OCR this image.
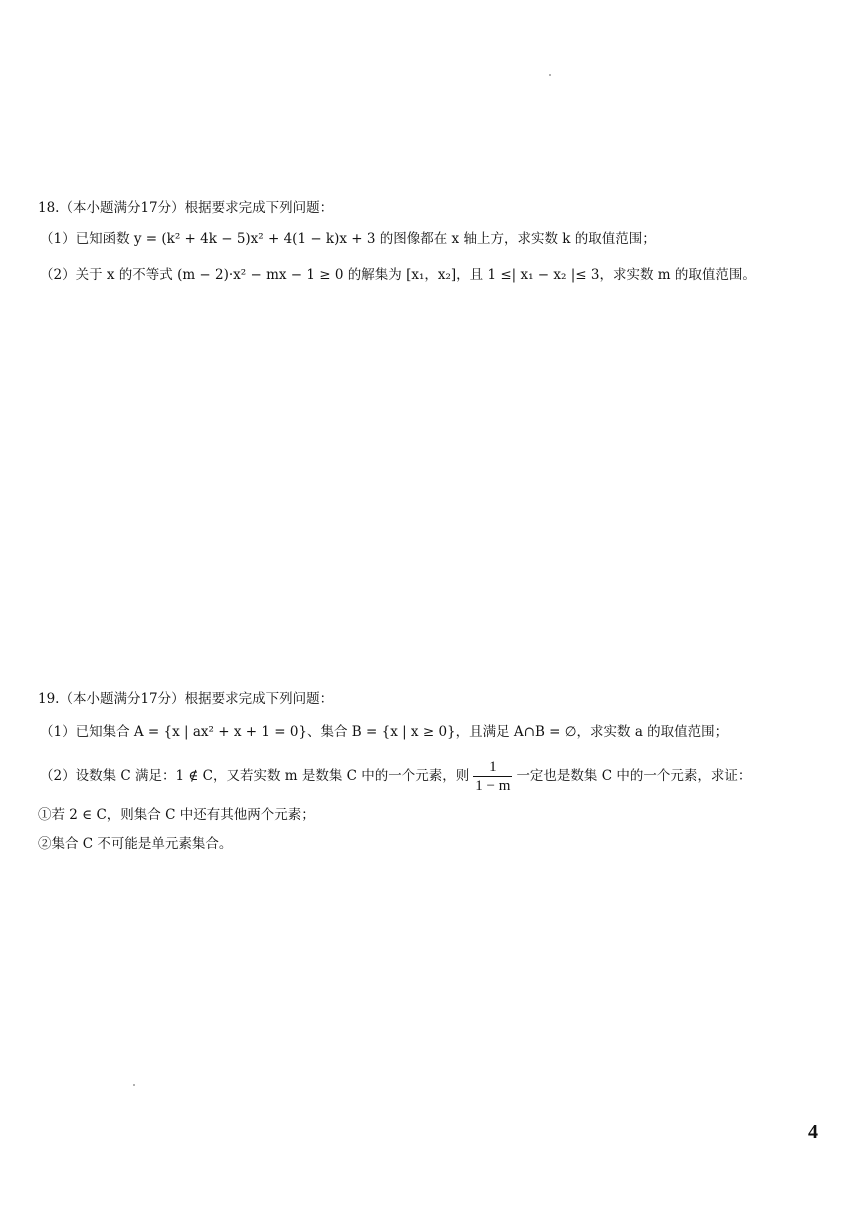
18.（本小题满分17分）根据要求完成下列问题：
（1）已知函数 y = (k² + 4k − 5)x² + 4(1 − k)x + 3 的图像都在 x 轴上方，求实数 k 的取值范围；
（2）关于 x 的不等式 (m − 2)·x² − mx − 1 ≥ 0 的解集为 [x₁，x₂]，且 1 ≤| x₁ − x₂ |≤ 3，求实数 m 的取值范围。
19.（本小题满分17分）根据要求完成下列问题：
（1）已知集合 A = {x | ax² + x + 1 = 0}、集合 B = {x | x ≥ 0}，且满足 A∩B = ∅，求实数 a 的取值范围；
（2）设数集 C 满足：1 ∉ C，又若实数 m 是数集 C 中的一个元素，则 $\frac{1}{1 - m}$ 一定也是数集 C 中的一个元素，求证：
①若 2 ∈ C，则集合 C 中还有其他两个元素；
②集合 C 不可能是单元素集合。
4
